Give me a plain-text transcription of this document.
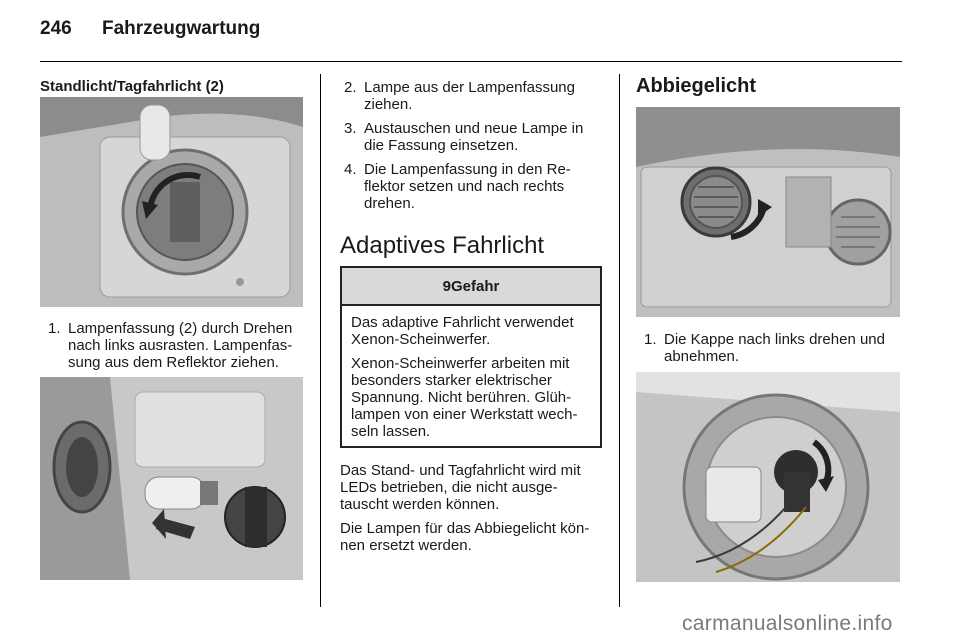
246 Fahrzeugwartung
Standlicht/Tagfahrlicht (2)
1. Lampenfassung (2) durch Drehen nach links ausrasten. Lampenfas-sung aus dem Reflektor ziehen.
2. Lampe aus der Lampenfassung ziehen.
3. Austauschen und neue Lampe in die Fassung einsetzen.
4. Die Lampenfassung in den Re-flektor setzen und nach rechts drehen.
Adaptives Fahrlicht
9 Gefahr

Das adaptive Fahrlicht verwendet Xenon-Scheinwerfer.

Xenon-Scheinwerfer arbeiten mit besonders starker elektrischer Spannung. Nicht berühren. Glüh-lampen von einer Werkstatt wech-seln lassen.

Das Stand- und Tagfahrlicht wird mit LEDs betrieben, die nicht ausge-tauscht werden können.

Die Lampen für das Abbiegelicht kön-nen ersetzt werden.

Abbiegelicht
1. Die Kappe nach links drehen und abnehmen.
carmanualsonline.info
